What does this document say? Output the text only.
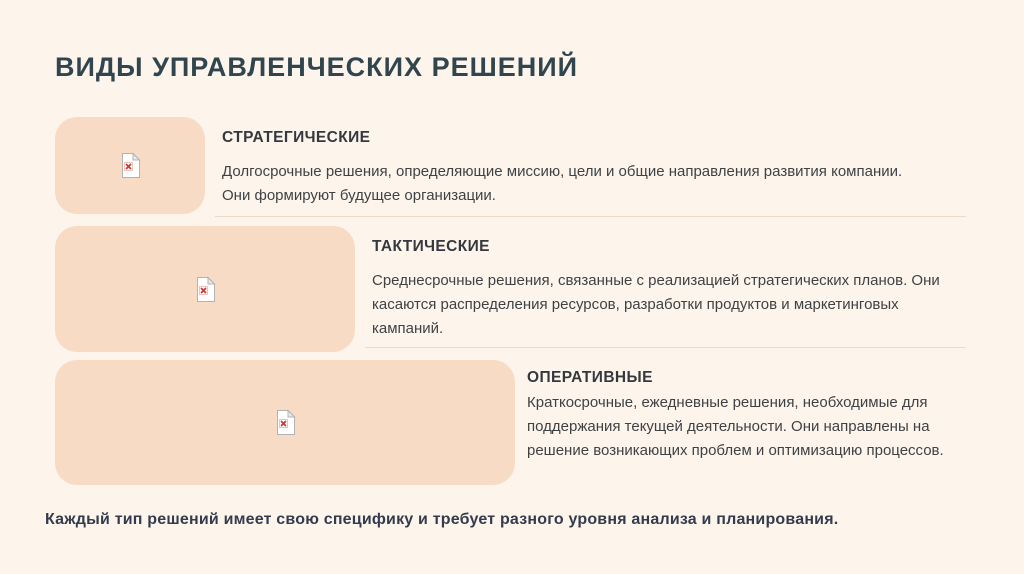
ВИДЫ УПРАВЛЕНЧЕСКИХ РЕШЕНИЙ
СТРАТЕГИЧЕСКИЕ

Долгосрочные решения, определяющие миссию, цели и общие направления развития компании. Они формируют будущее организации.

ТАКТИЧЕСКИЕ

Среднесрочные решения, связанные с реализацией стратегических планов. Они касаются распределения ресурсов, разработки продуктов и маркетинговых кампаний.

ОПЕРАТИВНЫЕ

Краткосрочные, ежедневные решения, необходимые для поддержания текущей деятельности. Они направлены на решение возникающих проблем и оптимизацию процессов.

Каждый тип решений имеет свою специфику и требует разного уровня анализа и планирования.
